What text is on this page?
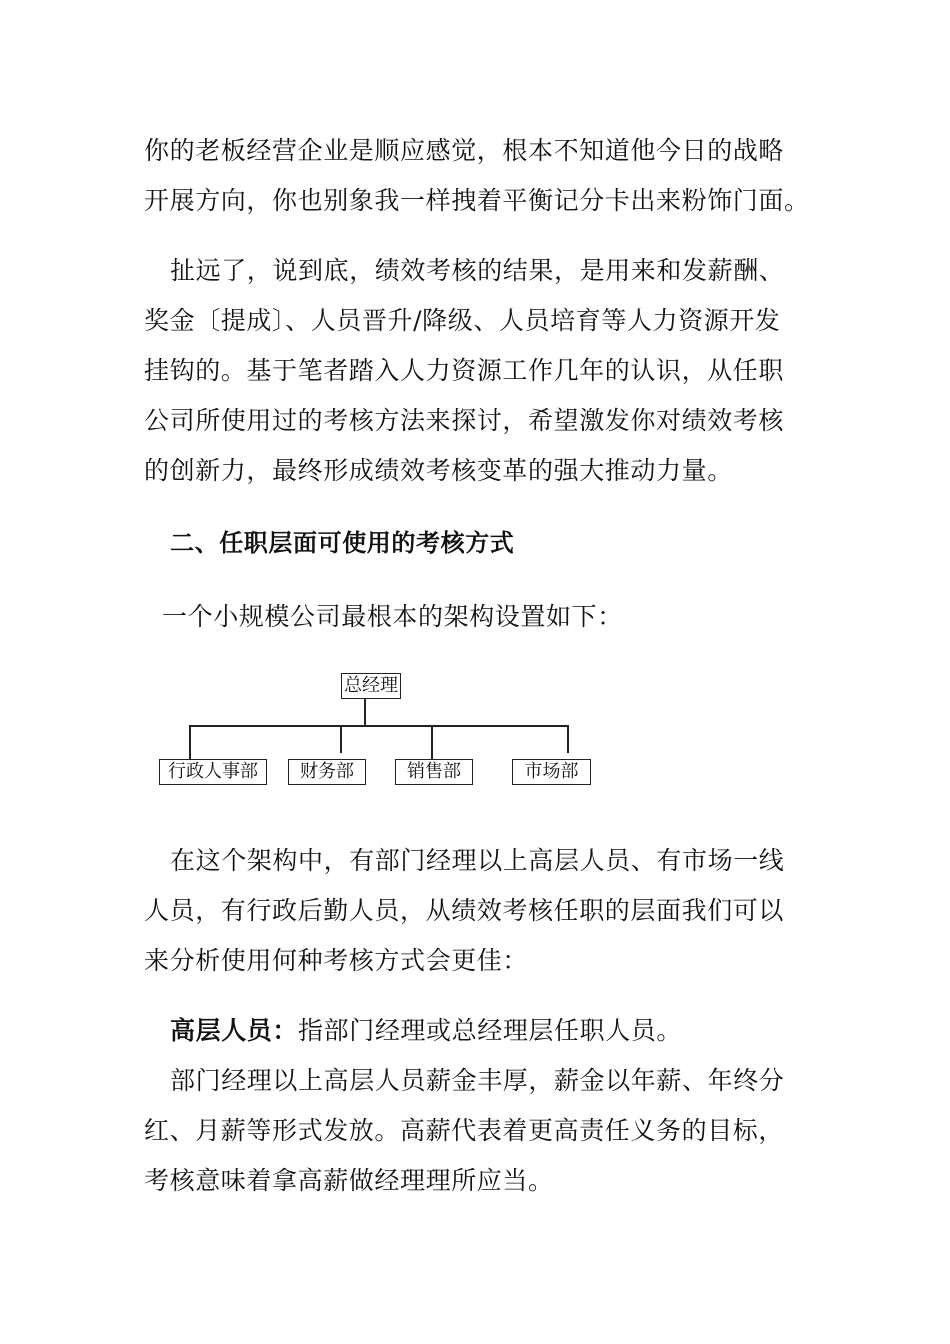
你的老板经营企业是顺应感觉，根本不知道他今日的战略
开展方向，你也别象我一样拽着平衡记分卡出来粉饰门面。
扯远了，说到底，绩效考核的结果，是用来和发薪酬、
奖金〔提成〕、人员晋升/降级、人员培育等人力资源开发
挂钩的。基于笔者踏入人力资源工作几年的认识，从任职
公司所使用过的考核方法来探讨，希望激发你对绩效考核
的创新力，最终形成绩效考核变革的强大推动力量。
二、任职层面可使用的考核方式
一个小规模公司最根本的架构设置如下：
总经理
行政人事部	财务部	销售部	市场部
在这个架构中，有部门经理以上高层人员、有市场一线
人员，有行政后勤人员，从绩效考核任职的层面我们可以
来分析使用何种考核方式会更佳：
高层人员：指部门经理或总经理层任职人员。
部门经理以上高层人员薪金丰厚，薪金以年薪、年终分
红、月薪等形式发放。高薪代表着更高责任义务的目标，
考核意味着拿高薪做经理理所应当。
